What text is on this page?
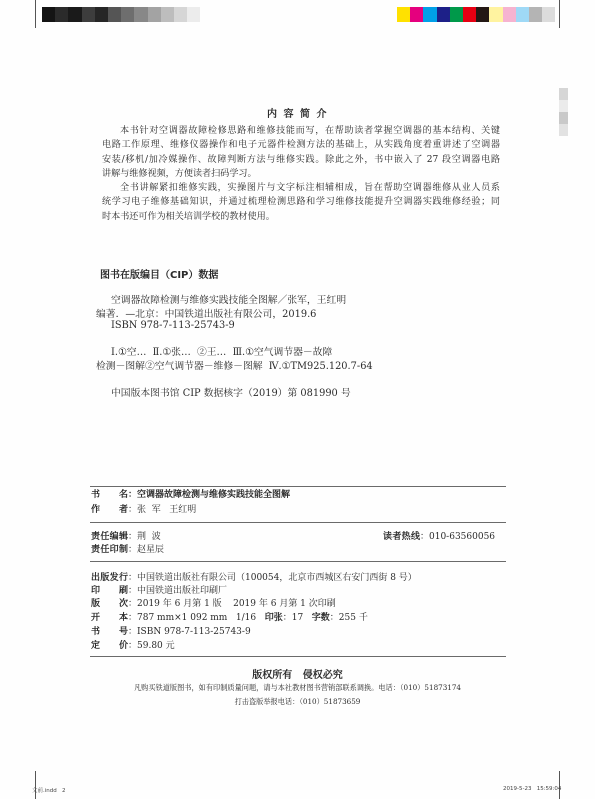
内 容 简 介
本书针对空调器故障检修思路和维修技能而写，在帮助读者掌握空调器的基本结构、关键
电路工作原理、维修仪器操作和电子元器件检测方法的基础上，从实践角度着重讲述了空调器
安装/移机/加冷媒操作、故障判断方法与维修实践。除此之外，书中嵌入了 27 段空调器电路
讲解与维修视频，方便读者扫码学习。
全书讲解紧扣维修实践，实操图片与文字标注相辅相成，旨在帮助空调器维修从业人员系
统学习电子维修基础知识，并通过梳理检测思路和学习维修技能提升空调器实践维修经验；同
时本书还可作为相关培训学校的教材使用。
图书在版编目（CIP）数据
空调器故障检测与维修实践技能全图解／张军，王红明
编著．—北京：中国铁道出版社有限公司，2019.6
ISBN 978-7-113-25743-9
Ⅰ.①空…  Ⅱ.①张…  ②王…  Ⅲ.①空气调节器－故障
检测－图解②空气调节器－维修－图解  Ⅳ.①TM925.120.7-64
中国版本图书馆 CIP 数据核字（2019）第 081990 号
书名 ：空调器故障检测与维修实践技能全图解
作者 ：张  军   王红明
责任编辑 ：荆  波	读者热线 ：010-63560056
责任印制 ：赵星辰
出版发行 ：中国铁道出版社有限公司（100054，北京市西城区右安门西街 8 号）
印刷 ：中国铁道出版社印刷厂
版次 ：2019 年 6 月第 1 版    2019 年 6 月第 1 次印刷
开本 ：787 mm×1 092 mm   1/16 印张 ：17 字数 ：255 千
书号 ：ISBN 978-7-113-25743-9
定价 ：59.80 元
版权所有   侵权必究
凡购买铁道版图书，如有印制质量问题，请与本社教材图书营销部联系调换。电话：（010）51873174
打击盗版举报电话：（010）51873659
文前.indd   2	2019-5-23   15:59:04
